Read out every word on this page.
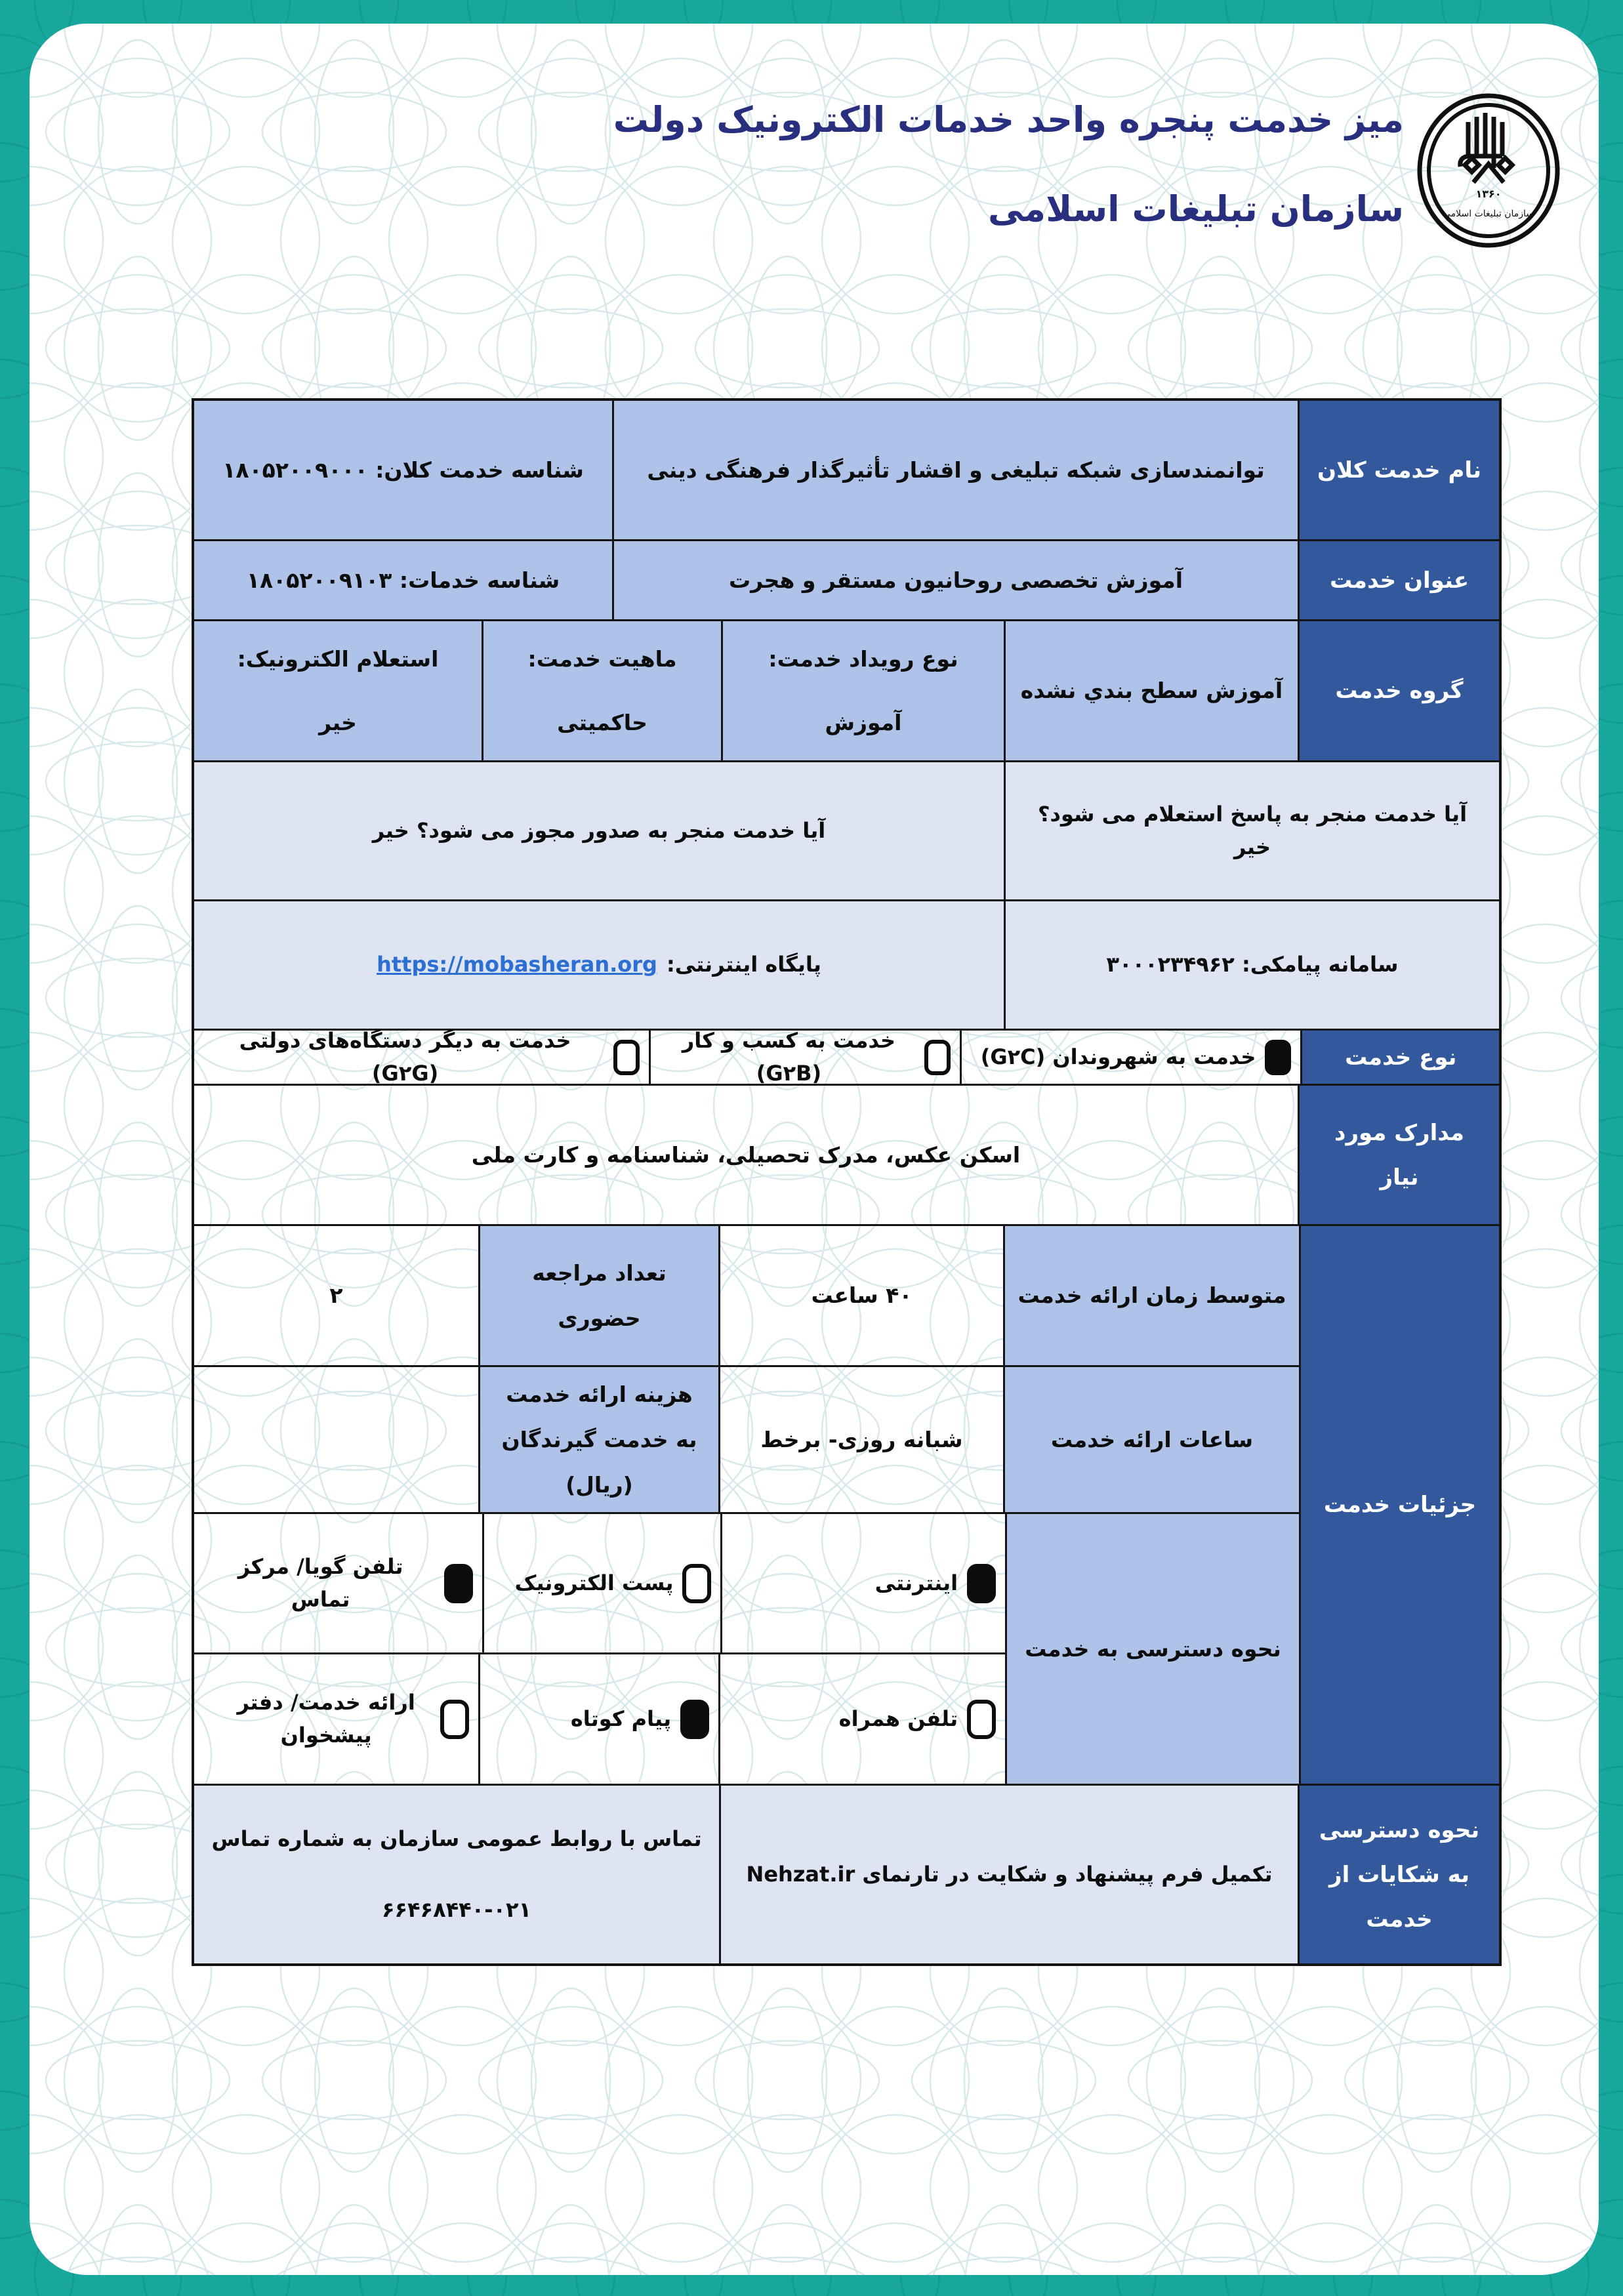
میز خدمت پنجره واحد خدمات الکترونیک دولت
سازمان تبلیغات اسلامی	۱۳۶۰
سازمان تبلیغات اسلامی
نام خدمت کلان
توانمندسازی شبکه تبلیغی و اقشار تأثیرگذار فرهنگی دینی
شناسه خدمت کلان: ۱۸۰۵۲۰۰۹۰۰۰
عنوان خدمت
آموزش تخصصی روحانیون مستقر و هجرت
شناسه خدمات: ۱۸۰۵۲۰۰۹۱۰۳
گروه خدمت
آموزش سطح بندي نشده
نوع رویداد خدمت:
آموزش
ماهیت خدمت:
حاکمیتی
استعلام الکترونیک:
خیر
آیا خدمت منجر به پاسخ استعلام می شود؟ خیر
آیا خدمت منجر به صدور مجوز می شود؟ خیر
سامانه پیامکی: ۳۰۰۰۲۳۴۹۶۲
پایگاه اینترنتی:
https://mobasheran.org
نوع خدمت
خدمت به شهروندان (G۲C)
خدمت به کسب و کار (G۲B)
خدمت به دیگر دستگاه‌های دولتی (G۲G)
مدارک مورد نیاز
اسکن عکس، مدرک تحصیلی، شناسنامه و کارت ملی
جزئیات خدمت
متوسط زمان ارائه خدمت
۴۰ ساعت
تعداد مراجعه حضوری
۲
ساعات ارائه خدمت
شبانه روزی- برخط
هزینه ارائه خدمت به خدمت گیرندگان (ریال)
نحوه دسترسی به خدمت
اینترنتی
پست الکترونیک
تلفن گویا/ مرکز تماس
تلفن همراه
پیام کوتاه
ارائه خدمت/ دفتر پیشخوان
نحوه دسترسی به شکایات از خدمت
تکمیل فرم پیشنهاد و شکایت در تارنمای Nehzat.ir
تماس با روابط عمومی سازمان به شماره تماس
۶۶۴۶۸۴۴۰-۰۲۱
